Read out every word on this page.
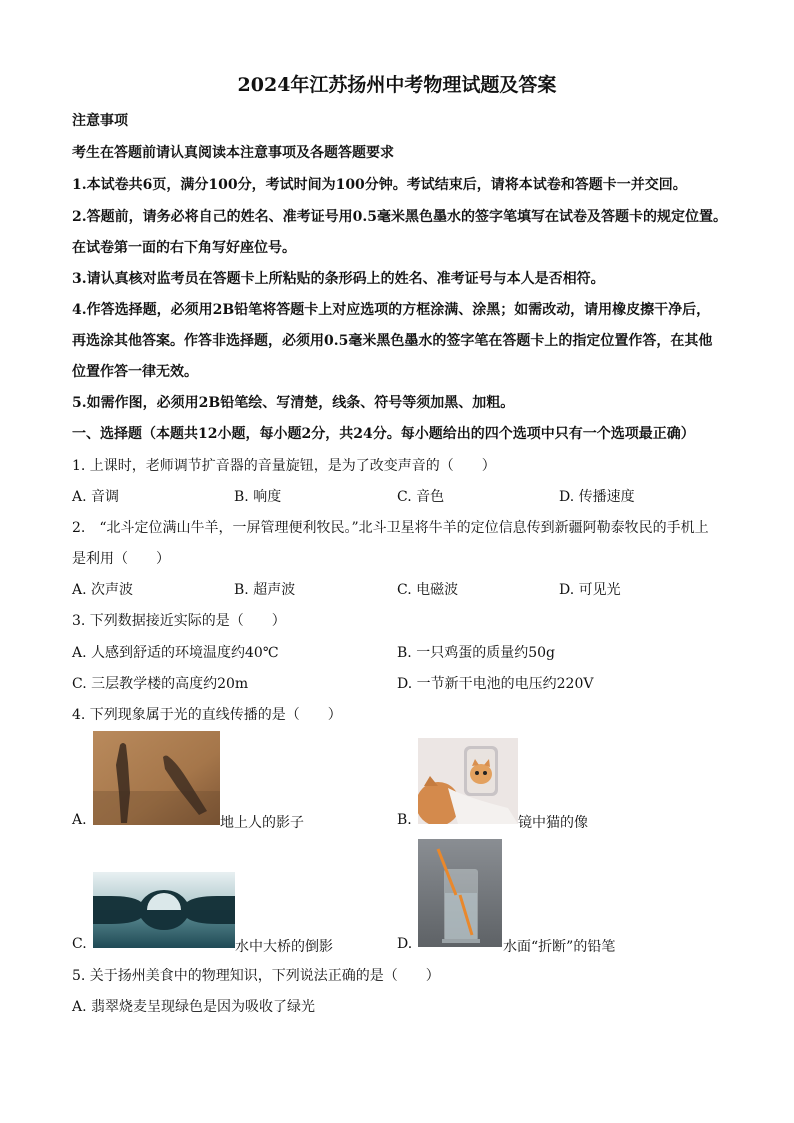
2024年江苏扬州中考物理试题及答案
注意事项
考生在答题前请认真阅读本注意事项及各题答题要求
1.本试卷共6页，满分100分，考试时间为100分钟。考试结束后，请将本试卷和答题卡一并交回。
2.答题前，请务必将自己的姓名、准考证号用0.5毫米黑色墨水的签字笔填写在试卷及答题卡的规定位置。
在试卷第一面的右下角写好座位号。
3.请认真核对监考员在答题卡上所粘贴的条形码上的姓名、准考证号与本人是否相符。
4.作答选择题，必须用2B铅笔将答题卡上对应选项的方框涂满、涂黑；如需改动，请用橡皮擦干净后，
再选涂其他答案。作答非选择题，必须用0.5毫米黑色墨水的签字笔在答题卡上的指定位置作答，在其他
位置作答一律无效。
5.如需作图，必须用2B铅笔绘、写清楚，线条、符号等须加黑、加粗。
一、选择题（本题共12小题，每小题2分，共24分。每小题给出的四个选项中只有一个选项最正确）
1. 上课时，老师调节扩音器的音量旋钮，是为了改变声音的（　　）
A. 音调	B. 响度	C. 音色	D. 传播速度
2.　“北斗定位满山牛羊，一屏管理便利牧民。”北斗卫星将牛羊的定位信息传到新疆阿勒泰牧民的手机上
是利用（　　）
A. 次声波	B. 超声波	C. 电磁波	D. 可见光
3. 下列数据接近实际的是（　　）
A. 人感到舒适的环境温度约40℃	B. 一只鸡蛋的质量约50g
C. 三层教学楼的高度约20m	D. 一节新干电池的电压约220V
4. 下列现象属于光的直线传播的是（　　）
A.	地上人的影子	B.	镜中猫的像
C.	水中大桥的倒影	D.	水面“折断”的铅笔
5. 关于扬州美食中的物理知识，下列说法正确的是（　　）
A. 翡翠烧麦呈现绿色是因为吸收了绿光
